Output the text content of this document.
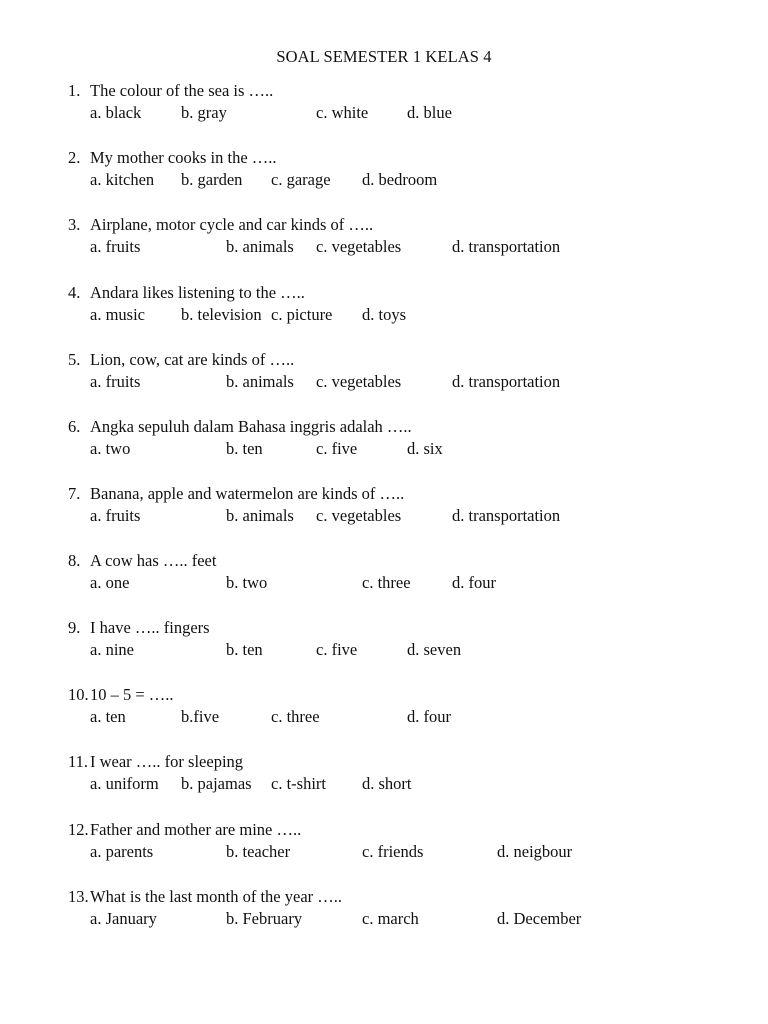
SOAL SEMESTER 1 KELAS 4
1. The colour of the sea is …..
a. black b. gray	c. white d. blue
2. My mother cooks in the …..
a. kitchen b. garden c. garage d. bedroom
3. Airplane, motor cycle and car kinds of …..
a. fruits	b. animals c. vegetables	d. transportation
4. Andara likes listening to the …..
a. music b. television c. picture d. toys
5. Lion, cow, cat are kinds of …..
a. fruits	b. animals c. vegetables	d. transportation
6. Angka sepuluh dalam Bahasa inggris adalah …..
a. two	b. ten	c. five	d. six
7. Banana, apple and watermelon are kinds of …..
a. fruits	b. animals c. vegetables	d. transportation
8. A cow has ….. feet
a. one	b. two	c. three	d. four
9. I have ….. fingers
a. nine	b. ten	c. five	d. seven
10. 10 – 5 = …..
a. ten	b.five	c. three	d. four
11. I wear ….. for sleeping
a. uniform b. pajamas c. t-shirt d. short
12. Father and mother are mine …..
a. parents	b. teacher	c. friends	d. neigbour
13. What is the last month of the year …..
a. January	b. February	c. march	d. December
